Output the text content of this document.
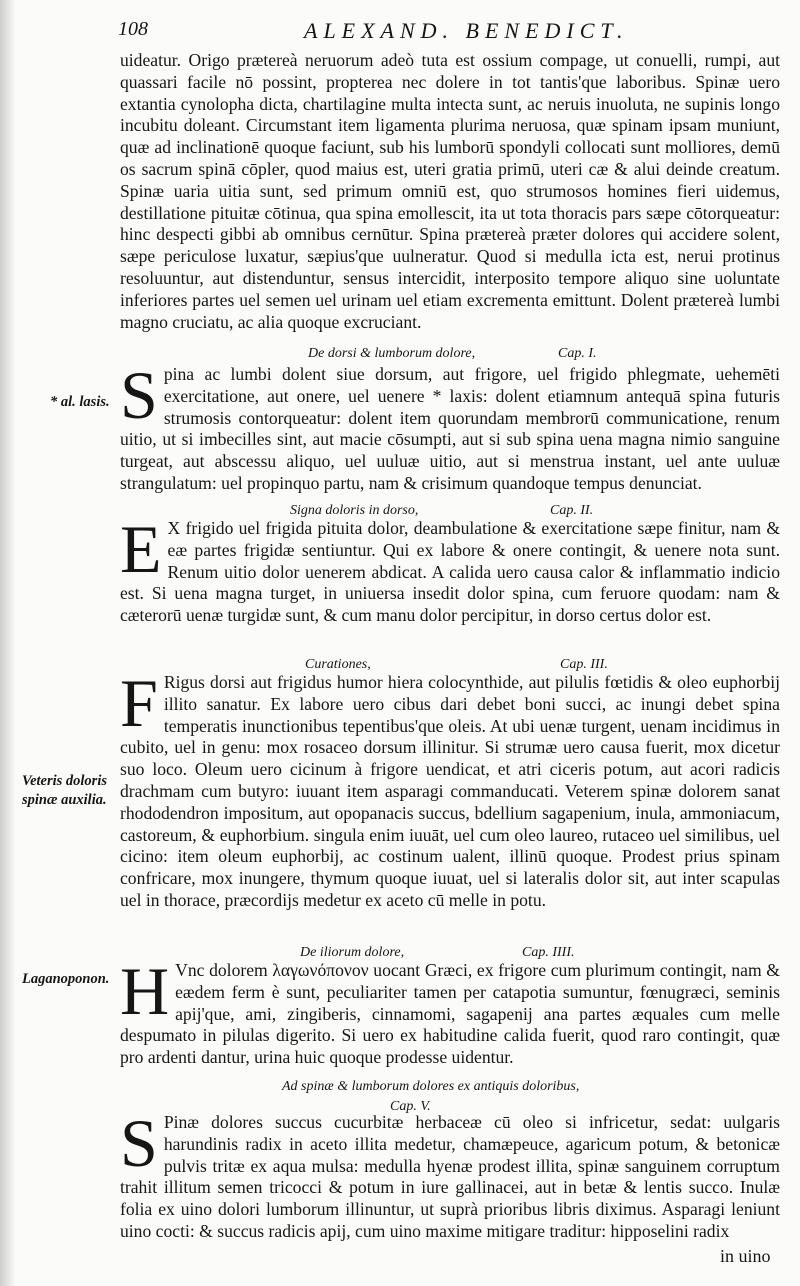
108	ALEXAND. BENEDICT.
uideatur. Origo prætereà neruorum adeò tuta est ossium compage, ut conuelli, rumpi, aut quassari facile nō possint, propterea nec dolere in tot tantis'que laboribus. Spinæ uero extantia cynolopha dicta, chartilagine multa intecta sunt, ac neruis inuoluta, ne supinis longo incubitu doleant. Circumstant item ligamenta plurima neruosa, quæ spinam ipsam muniunt, quæ ad inclinationē quoque faciunt, sub his lumborū spondyli collocati sunt molliores, demū os sacrum spinā cōpler, quod maius est, uteri gratia primū, uteri cæ & alui deinde creatum. Spinæ uaria uitia sunt, sed primum omniū est, quo strumosos homines fieri uidemus, destillatione pituitæ cōtinua, qua spina emollescit, ita ut tota thoracis pars sæpe cōtorqueatur: hinc despecti gibbi ab omnibus cernūtur. Spina prætereà præter dolores qui accidere solent, sæpe periculose luxatur, sæpius'que uulneratur. Quod si medulla icta est, nerui protinus resoluuntur, aut distenduntur, sensus intercidit, interposito tempore aliquo sine uoluntate inferiores partes uel semen uel urinam uel etiam excrementa emittunt. Dolent prætereà lumbi magno cruciatu, ac alia quoque excruciant.
De dorsi & lumborum dolore,	Cap. I.
Spina ac lumbi dolent siue dorsum, aut frigore, uel frigido phlegmate, uehemēti exercitatione, aut onere, uel uenere * laxis: dolent etiamnum antequā spina futuris strumosis contorqueatur: dolent item quorundam membrorū communicatione, renum uitio, ut si imbecilles sint, aut macie cōsumpti, aut si sub spina uena magna nimio sanguine turgeat, aut abscessu aliquo, uel uuluæ uitio, aut si menstrua instant, uel ante uuluæ strangulatum: uel propinquo partu, nam & crisimum quandoque tempus denunciat.
Signa doloris in dorso,	Cap. II.
E X frigido uel frigida pituita dolor, deambulatione & exercitatione sæpe finitur, nam & eæ partes frigidæ sentiuntur. Qui ex labore & onere contingit, & uenere nota sunt. Renum uitio dolor uenerem abdicat. A calida uero causa calor & inflammatio indicio est. Si uena magna turget, in uniuersa insedit dolor spina, cum feruore quodam: nam & cæterorū uenæ turgidæ sunt, & cum manu dolor percipitur, in dorso certus dolor est.
Curationes,	Cap. III.
F Rigus dorsi aut frigidus humor hiera colocynthide, aut pilulis fœtidis & oleo euphorbij illito sanatur. Ex labore uero cibus dari debet boni succi, ac inungi debet spina temperatis inunctionibus tepentibus'que oleis. At ubi uenæ turgent, uenam incidimus in cubito, uel in genu: mox rosaceo dorsum illinitur. Si strumæ uero causa fuerit, mox dicetur suo loco. Oleum uero cicinum à frigore uendicat, et atri ciceris potum, aut acori radicis drachmam cum butyro: iuuant item asparagi commanducati. Veterem spinæ dolorem sanat rhododendron impositum, aut opopanacis succus, bdellium sagapenium, inula, ammoniacum, castoreum, & euphorbium. singula enim iuuāt, uel cum oleo laureo, rutaceo uel similibus, uel cicino: item oleum euphorbij, ac costinum ualent, illinū quoque. Prodest prius spinam confricare, mox inungere, thymum quoque iuuat, uel si lateralis dolor sit, aut inter scapulas uel in thorace, præcordijs medetur ex aceto cū melle in potu.
De iliorum dolore,	Cap. IIII.
H Vnc dolorem λαγωνόπονον uocant Græci, ex frigore cum plurimum contingit, nam & eædem ferm è sunt, peculiariter tamen per catapotia sumuntur, fœnugræci, seminis apij'que, ami, zingiberis, cinnamomi, sagapenij ana partes æquales cum melle despumato in pilulas digerito. Si uero ex habitudine calida fuerit, quod raro contingit, quæ pro ardenti dantur, urina huic quoque prodesse uidentur.
Ad spinæ & lumborum dolores ex antiquis doloribus,
Cap. V.
S Pinæ dolores succus cucurbitæ herbaceæ cū oleo si infricetur, sedat: uulgaris harundinis radix in aceto illita medetur, chamæpeuce, agaricum potum, & betonicæ pulvis tritæ ex aqua mulsa: medulla hyenæ prodest illita, spinæ sanguinem corruptum trahit illitum semen tricocci & potum in iure gallinacei, aut in betæ & lentis succo. Inulæ folia ex uino dolori lumborum illinuntur, ut suprà prioribus libris diximus. Asparagi leniunt uino cocti: & succus radicis apij, cum uino maxime mitigare traditur: hipposelini radix
* al. lasis.
Veteris doloris spinæ auxilia.
Laganoponon.
in uino
